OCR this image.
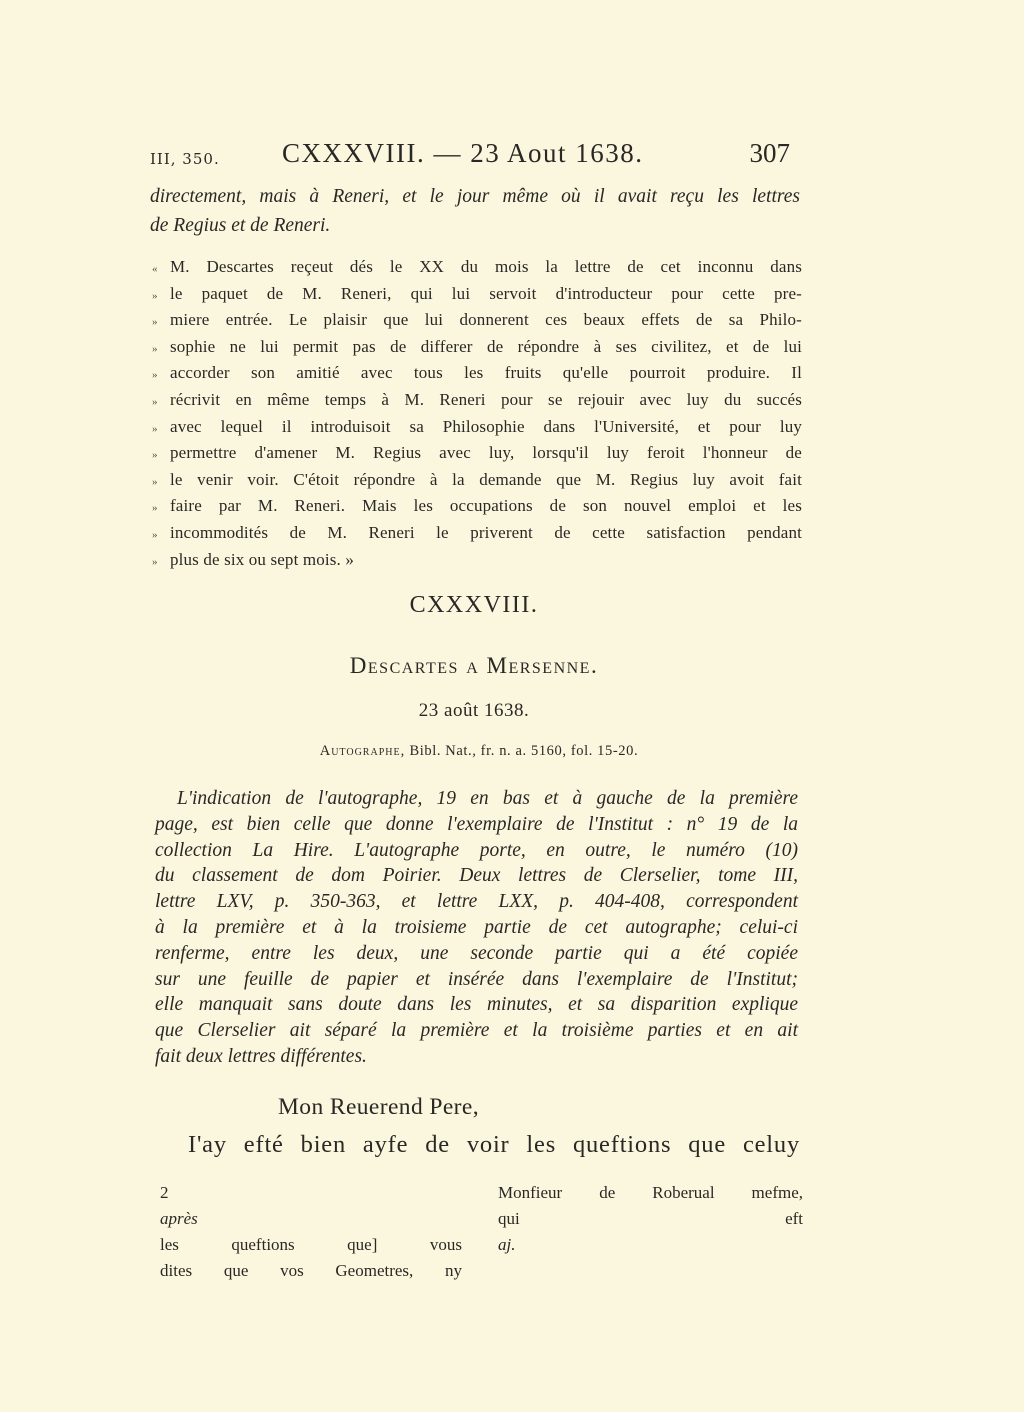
III, 350. CXXXVIII. — 23 Aout 1638.	307
directement, mais à Reneri, et le jour même où il avait reçu les lettres
de Regius et de Reneri.
« M. Descartes reçeut dés le XX du mois la lettre de cet inconnu dans
» le paquet de M. Reneri, qui lui servoit d'introducteur pour cette pre-
» miere entrée. Le plaisir que lui donnerent ces beaux effets de sa Philo-
» sophie ne lui permit pas de differer de répondre à ses civilitez, et de lui
» accorder son amitié avec tous les fruits qu'elle pourroit produire. Il
» récrivit en même temps à M. Reneri pour se rejouir avec luy du succés
» avec lequel il introduisoit sa Philosophie dans l'Université, et pour luy
» permettre d'amener M. Regius avec luy, lorsqu'il luy feroit l'honneur de
» le venir voir. C'étoit répondre à la demande que M. Regius luy avoit fait
» faire par M. Reneri. Mais les occupations de son nouvel emploi et les
» incommodités de M. Reneri le priverent de cette satisfaction pendant
» plus de six ou sept mois. »
CXXXVIII.
Descartes a Mersenne.
23 août 1638.
Autographe, Bibl. Nat., fr. n. a. 5160, fol. 15-20.
L'indication de l'autographe, 19 en bas et à gauche de la première
page, est bien celle que donne l'exemplaire de l'Institut : n° 19 de la
collection La Hire. L'autographe porte, en outre, le numéro (10)
du classement de dom Poirier. Deux lettres de Clerselier, tome III,
lettre LXV, p. 350-363, et lettre LXX, p. 404-408, correspondent
à la première et à la troisieme partie de cet autographe; celui-ci
renferme, entre les deux, une seconde partie qui a été copiée
sur une feuille de papier et insérée dans l'exemplaire de l'Institut;
elle manquait sans doute dans les minutes, et sa disparition explique
que Clerselier ait séparé la première et la troisième parties et en ait
fait deux lettres différentes.
Mon Reuerend Pere,
I'ay efté bien ayfe de voir les queftions que celuy
2
après
les queftions que] vous
dites que vos Geometres, ny
Monfieur de Roberual mefme,
qui eft
aj.
